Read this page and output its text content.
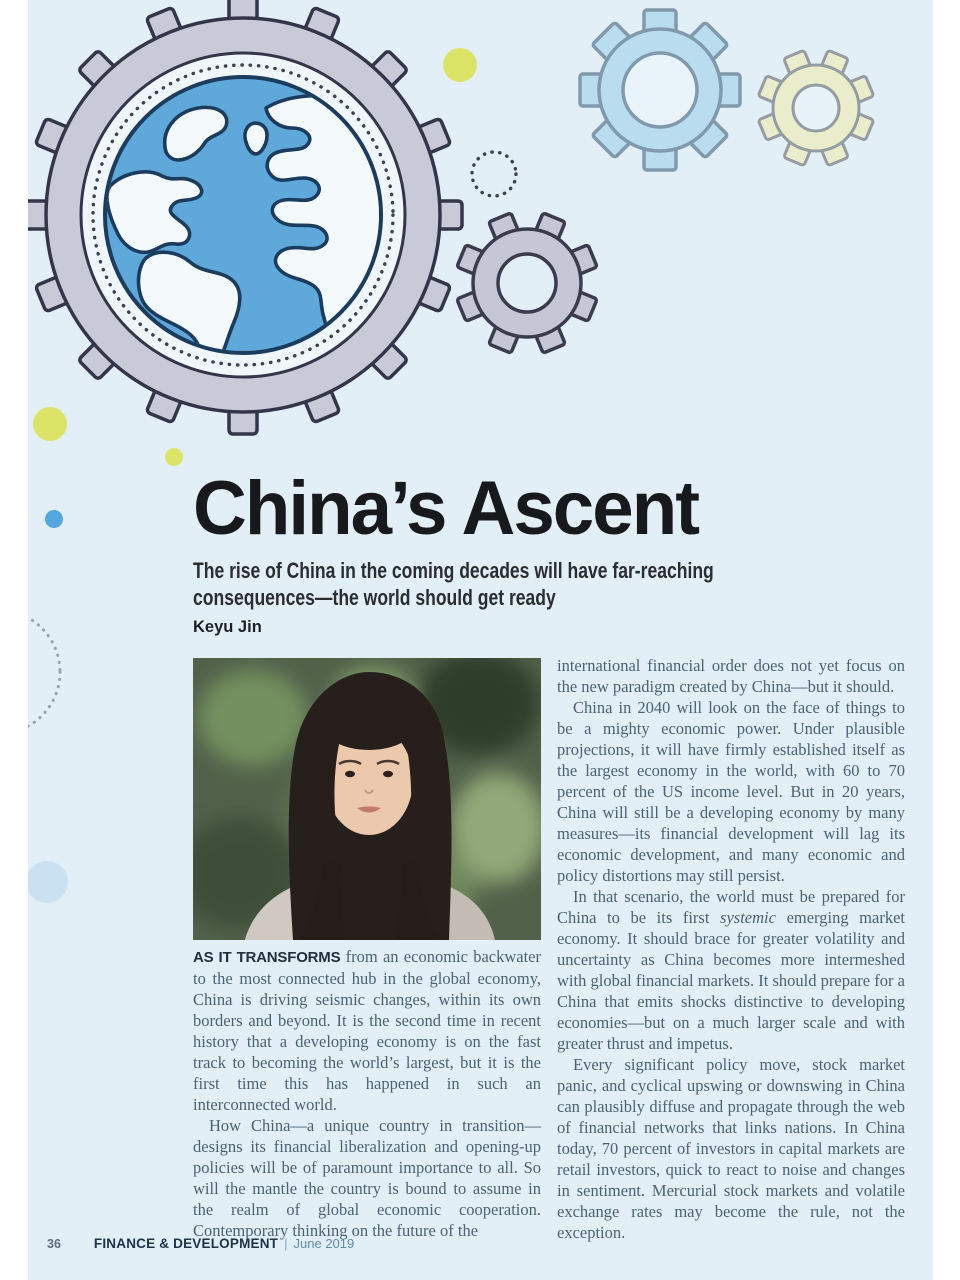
China’s Ascent
The rise of China in the coming decades will have far-reaching consequences—the world should get ready
Keyu Jin

AS IT TRANSFORMS from an economic backwater to the most connected hub in the global economy, China is driving seismic changes, within its own borders and beyond. It is the second time in recent history that a developing economy is on the fast track to becoming the world’s largest, but it is the first time this has happened in such an interconnected world.

How China—a unique country in transition—designs its financial liberalization and opening-up policies will be of paramount importance to all. So will the mantle the country is bound to assume in the realm of global economic cooperation. Contemporary thinking on the future of the

international financial order does not yet focus on the new paradigm created by China—but it should.

China in 2040 will look on the face of things to be a mighty economic power. Under plausible projections, it will have firmly established itself as the largest economy in the world, with 60 to 70 percent of the US income level. But in 20 years, China will still be a developing economy by many measures—its financial development will lag its economic development, and many economic and policy distortions may still persist.

In that scenario, the world must be prepared for China to be its first systemic emerging market economy. It should brace for greater volatility and uncertainty as China becomes more intermeshed with global financial markets. It should prepare for a China that emits shocks distinctive to developing economies—but on a much larger scale and with greater thrust and impetus.

Every significant policy move, stock market panic, and cyclical upswing or downswing in China can plausibly diffuse and propagate through the web of financial networks that links nations. In China today, 70 percent of investors in capital markets are retail investors, quick to react to noise and changes in sentiment. Mercurial stock markets and volatile exchange rates may become the rule, not the exception.

36 FINANCE & DEVELOPMENT | June 2019
